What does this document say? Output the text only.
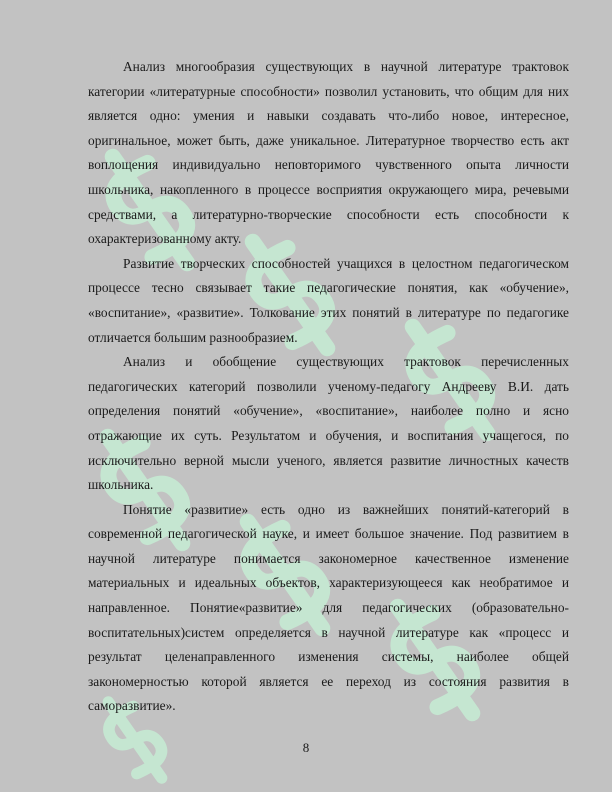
Анализ многообразия существующих в научной литературе трактовок категории «литературные способности» позволил установить, что общим для них является одно: умения и навыки создавать что-либо новое, интересное, оригинальное, может быть, даже уникальное. Литературное творчество есть акт воплощения индивидуально неповторимого чувственного опыта личности школьника, накопленного в процессе восприятия окружающего мира, речевыми средствами, а литературно-творческие способности есть способности к охарактеризованному акту.

Развитие творческих способностей учащихся в целостном педагогическом процессе тесно связывает такие педагогические понятия, как «обучение», «воспитание», «развитие». Толкование этих понятий в литературе по педагогике отличается большим разнообразием.

Анализ и обобщение существующих трактовок перечисленных педагогических категорий позволили ученому-педагогу Андрееву В.И. дать определения понятий «обучение», «воспитание», наиболее полно и ясно отражающие их суть. Результатом и обучения, и воспитания учащегося, по исключительно верной мысли ученого, является развитие личностных качеств школьника.

Понятие «развитие» есть одно из важнейших понятий-категорий в современной педагогической науке, и имеет большое значение. Под развитием в научной литературе понимается закономерное качественное изменение материальных и идеальных объектов, характеризующееся как необратимое и направленное. Понятие«развитие» для педагогических (образовательно-воспитательных)систем определяется в научной литературе как «процесс и результат целенаправленного изменения системы, наиболее общей закономерностью которой является ее переход из состояния развития в саморазвитие».

8
